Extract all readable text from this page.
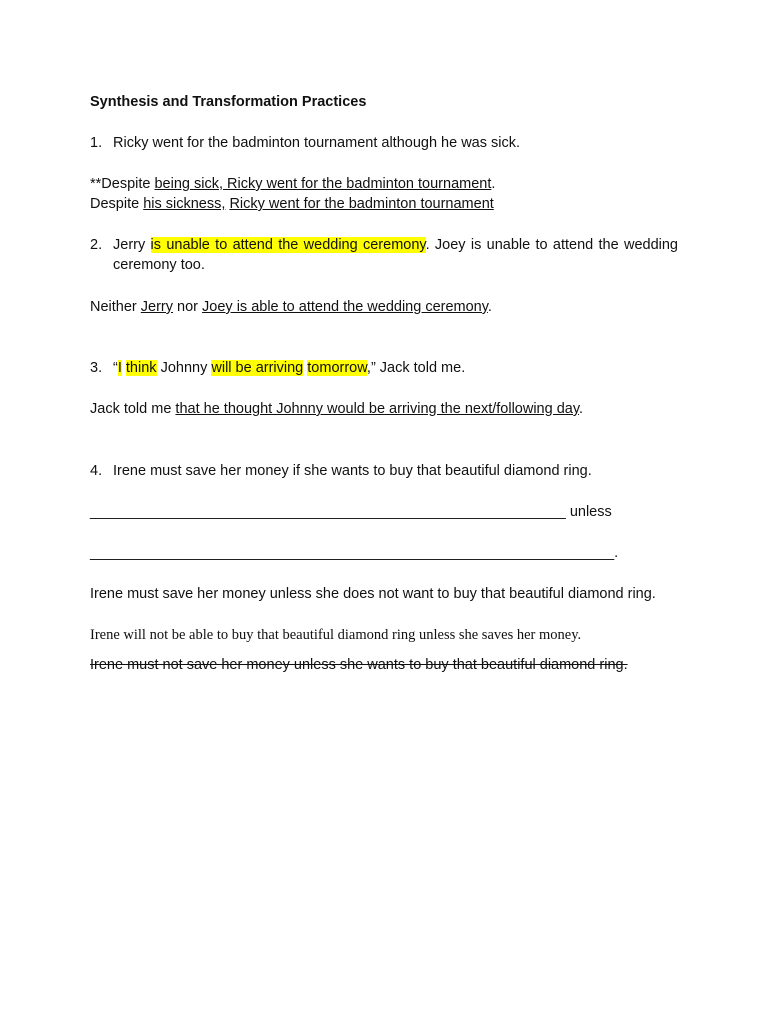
Synthesis and Transformation Practices
1. Ricky went for the badminton tournament although he was sick.
**Despite being sick, Ricky went for the badminton tournament.
Despite his sickness, Ricky went for the badminton tournament
2. Jerry is unable to attend the wedding ceremony. Joey is unable to attend the wedding ceremony too.
Neither Jerry nor Joey is able to attend the wedding ceremony.
3. “I think Johnny will be arriving tomorrow,” Jack told me.
Jack told me that he thought Johnny would be arriving the next/following day.
4. Irene must save her money if she wants to buy that beautiful diamond ring.
___________________________________________________________ unless
_________________________________________________________________.
Irene must save her money unless she does not want to buy that beautiful diamond ring.
Irene will not be able to buy that beautiful diamond ring unless she saves her money.
Irene must not save her money unless she wants to buy that beautiful diamond ring.
